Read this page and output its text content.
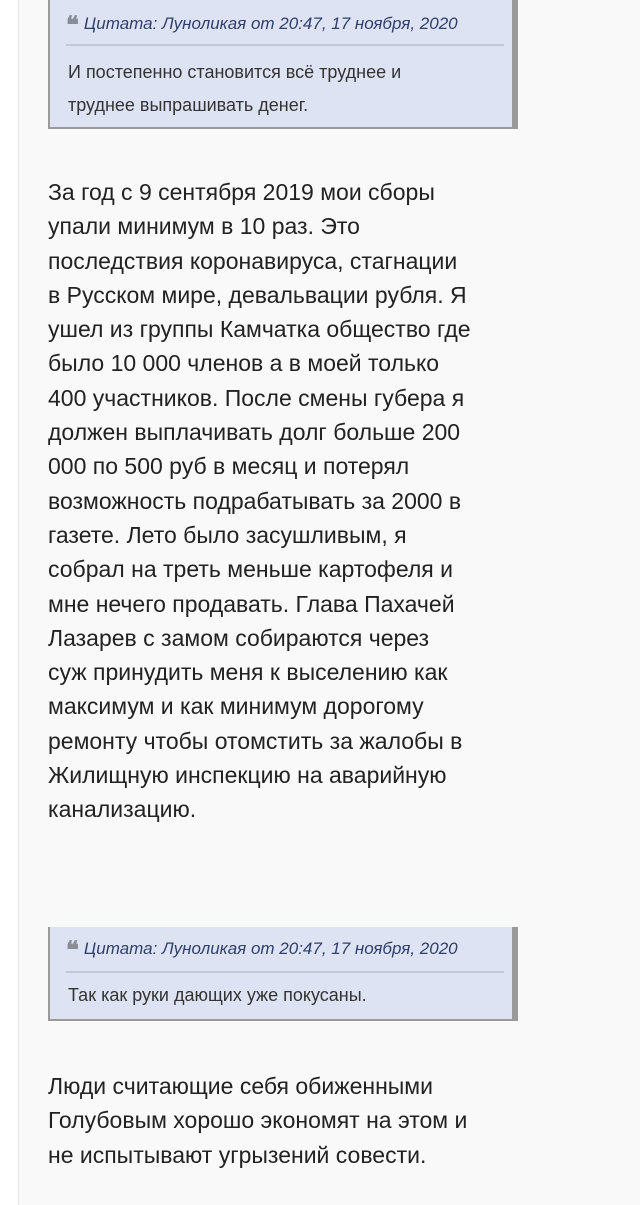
❝ Цитата: Луноликая от 20:47, 17 ноября, 2020
И постепенно становится всё труднее и
труднее выпрашивать денег.
За год с 9 сентября 2019 мои сборы
упали минимум в 10 раз. Это
последствия коронавируса, стагнации
в Русском мире, девальвации рубля. Я
ушел из группы Камчатка общество где
было 10 000 членов а в моей только
400 участников. После смены губера я
должен выплачивать долг больше 200
000 по 500 руб в месяц и потерял
возможность подрабатывать за 2000 в
газете. Лето было засушливым, я
собрал на треть меньше картофеля и
мне нечего продавать. Глава Пахачей
Лазарев с замом собираются через
суж принудить меня к выселению как
максимум и как минимум дорогому
ремонту чтобы отомстить за жалобы в
Жилищную инспекцию на аварийную
канализацию.
❝ Цитата: Луноликая от 20:47, 17 ноября, 2020
Так как руки дающих уже покусаны.
Люди считающие себя обиженными
Голубовым хорошо экономят на этом и
не испытывают угрызений совести.
